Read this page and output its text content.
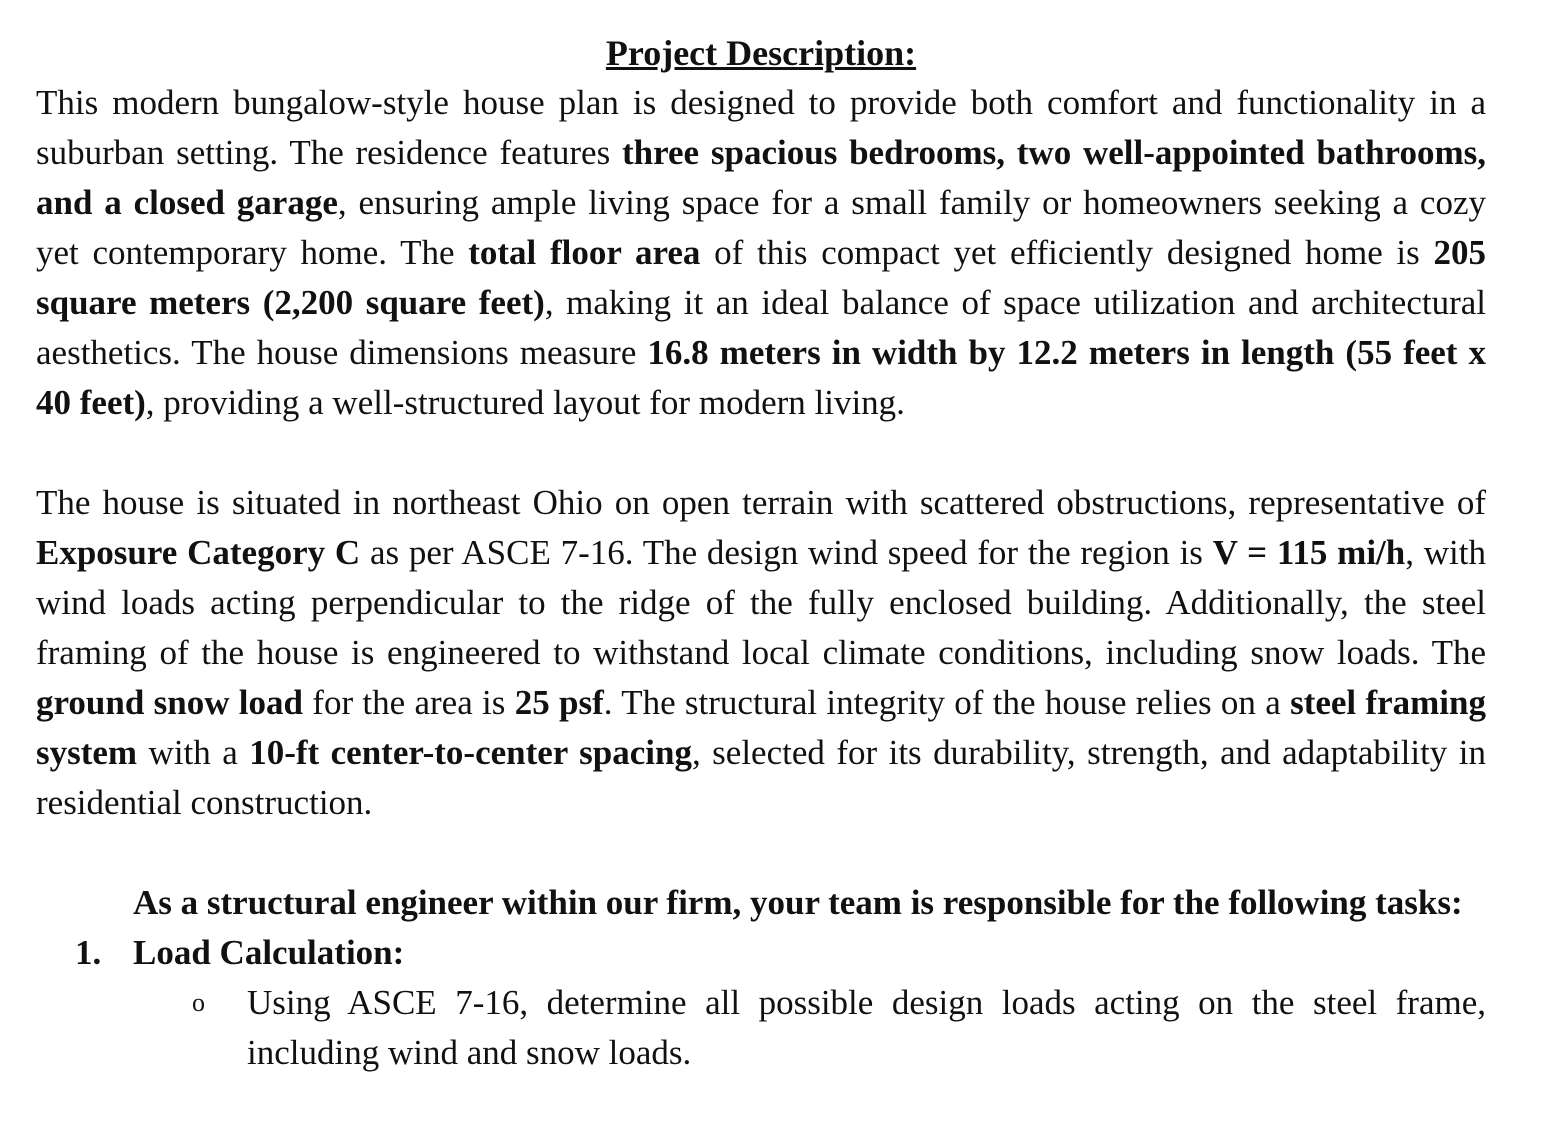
Project Description:

This modern bungalow-style house plan is designed to provide both comfort and functionality in a suburban setting. The residence features three spacious bedrooms, two well-appointed bathrooms, and a closed garage, ensuring ample living space for a small family or homeowners seeking a cozy yet contemporary home. The total floor area of this compact yet efficiently designed home is 205 square meters (2,200 square feet), making it an ideal balance of space utilization and architectural aesthetics. The house dimensions measure 16.8 meters in width by 12.2 meters in length (55 feet x 40 feet), providing a well-structured layout for modern living.

The house is situated in northeast Ohio on open terrain with scattered obstructions, representative of Exposure Category C as per ASCE 7-16. The design wind speed for the region is V = 115 mi/h, with wind loads acting perpendicular to the ridge of the fully enclosed building. Additionally, the steel framing of the house is engineered to withstand local climate conditions, including snow loads. The ground snow load for the area is 25 psf. The structural integrity of the house relies on a steel framing system with a 10-ft center-to-center spacing, selected for its durability, strength, and adaptability in residential construction.

As a structural engineer within our firm, your team is responsible for the following tasks:

1. Load Calculation:
o Using ASCE 7-16, determine all possible design loads acting on the steel frame, including wind and snow loads.
